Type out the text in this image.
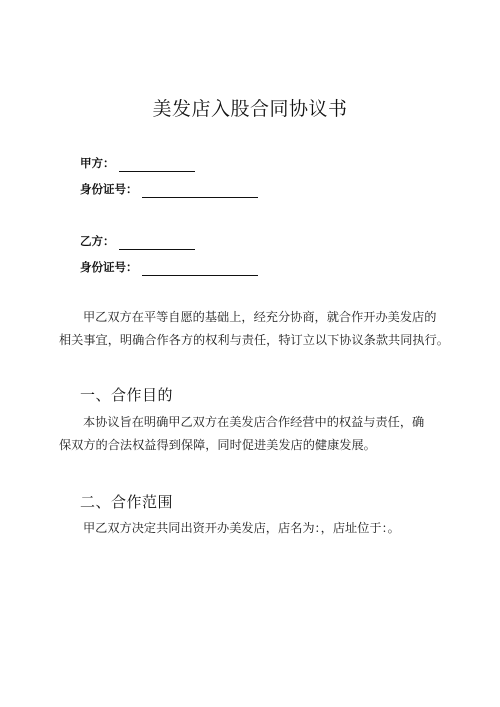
美发店入股合同协议书
甲方：
身份证号：
乙方：
身份证号：
甲乙双方在平等自愿的基础上，经充分协商，就合作开办美发店的
相关事宜，明确合作各方的权利与责任，特订立以下协议条款共同执行。
一、合作目的
本协议旨在明确甲乙双方在美发店合作经营中的权益与责任，确
保双方的合法权益得到保障，同时促进美发店的健康发展。
二、合作范围
甲乙双方决定共同出资开办美发店，店名为：，店址位于：。
